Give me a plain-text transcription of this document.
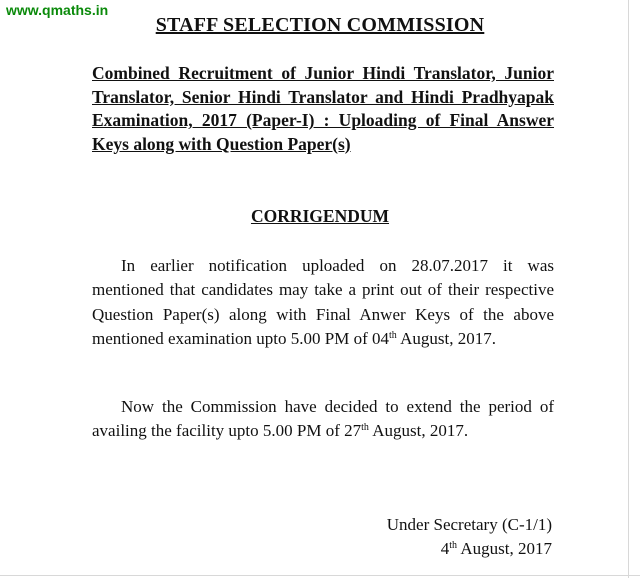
www.qmaths.in
STAFF SELECTION COMMISSION
Combined Recruitment of Junior Hindi Translator, Junior Translator, Senior Hindi Translator and Hindi Pradhyapak Examination, 2017 (Paper-I) : Uploading of Final Answer Keys along with Question Paper(s)
CORRIGENDUM

In earlier notification uploaded on 28.07.2017 it was mentioned that candidates may take a print out of their respective Question Paper(s) along with Final Anwer Keys of the above mentioned examination upto 5.00 PM of 04th August, 2017.

Now the Commission have decided to extend the period of availing the facility upto 5.00 PM of 27th August, 2017.

Under Secretary (C-1/1)
4th August, 2017
